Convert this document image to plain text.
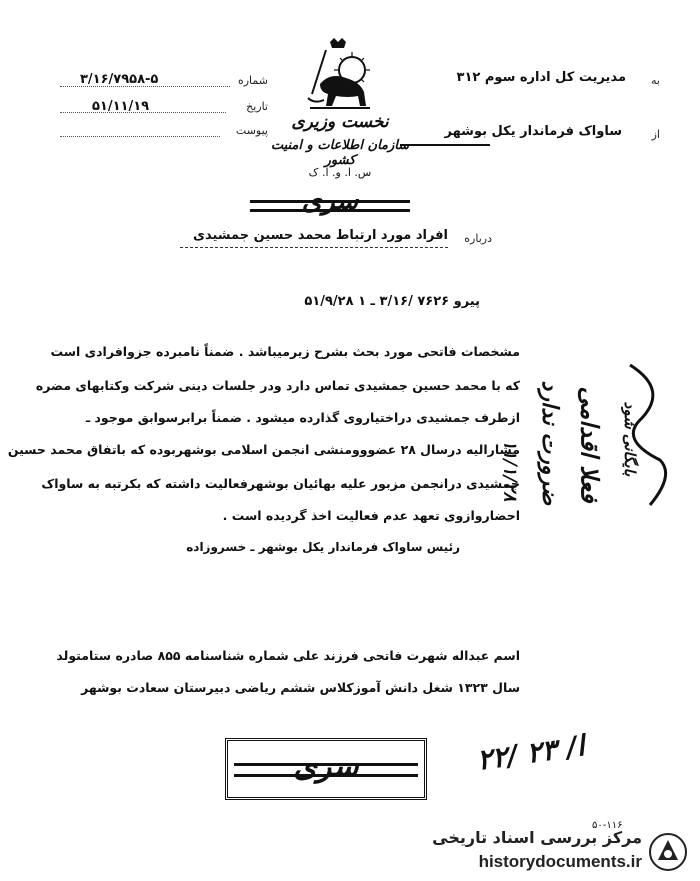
شماره
۳/۱۶/۷۹۵۸-۵
تاریخ
۵۱/۱۱/۱۹
پیوست نخست وزیری
سازمان اطلاعات و امنیت کشور
س. ا. و. ا. ک
سری
به
مدیریت کل اداره سوم ۳۱۲
از
ساواک فرماندار یکل بوشهر
درباره
افراد مورد ارتباط محمد حسین جمشیدی
پیرو ۷۶۲۶ /۳/۱۶ ـ ۱ ۵۱/۹/۲۸
مشخصات فاتحی مورد بحث بشرح زیرمیباشد . ضمناً نامبرده جزوافرادی است
که با محمد حسین جمشیدی تماس دارد ودر جلسات دینی شرکت وکتابهای مضره
ازطرف جمشیدی دراختیاروی گذارده میشود . ضمناً برابرسوابق موجود ـ
مشارالیه درسال ۲۸ عضووومنشی انجمن اسلامی بوشهربوده که باتفاق محمد حسین
جمشیدی درانجمن مزبور علیه بهائیان بوشهرفعالیت داشته که بکرتبه به ساواک
احضاروازوی تعهد عدم فعالیت اخذ گردیده است .
رئیس ساواک فرماندار یکل بوشهر ـ خسروزاده
اسم عبداله شهرت فاتحی فرزند علی شماره شناسنامه ۸۵۵ صادره ستامتولد
سال ۱۳۲۳ شغل دانش آموزکلاس ششم ریاضی دبیرستان سعادت بوشهر
بایگانی شود
فعلا اقدامی
ضرورت ندارد
۱۱/۱/۲۸
سری	۲۲/ ا/ ۲۳
۵۰-۱۱۶
مرکز بررسی اسناد تاریخی
historydocuments.ir
